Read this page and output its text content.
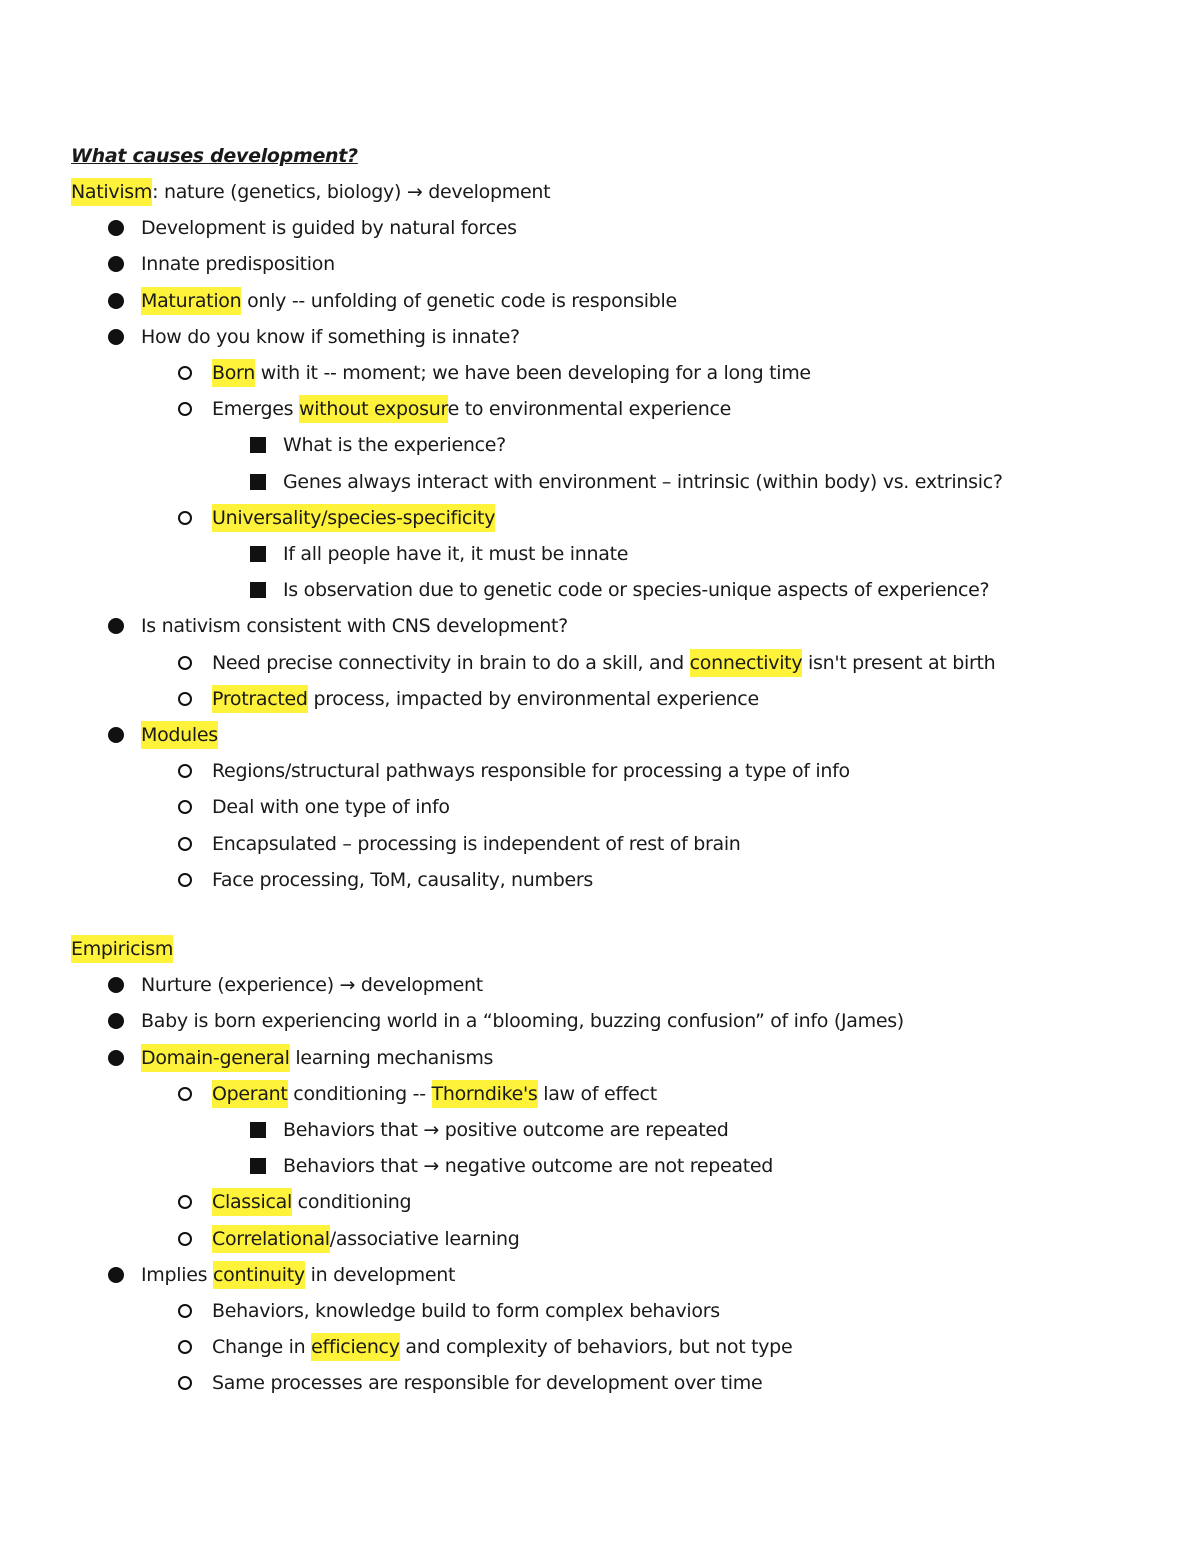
What causes development?
Nativism: nature (genetics, biology) → development
Development is guided by natural forces
Innate predisposition
Maturation only -- unfolding of genetic code is responsible
How do you know if something is innate?
Born with it -- moment; we have been developing for a long time
Emerges without exposure to environmental experience
What is the experience?
Genes always interact with environment – intrinsic (within body) vs. extrinsic?
Universality/species-specificity
If all people have it, it must be innate
Is observation due to genetic code or species-unique aspects of experience?
Is nativism consistent with CNS development?
Need precise connectivity in brain to do a skill, and connectivity isn't present at birth
Protracted process, impacted by environmental experience
Modules
Regions/structural pathways responsible for processing a type of info
Deal with one type of info
Encapsulated – processing is independent of rest of brain
Face processing, ToM, causality, numbers
Empiricism
Nurture (experience) → development
Baby is born experiencing world in a “blooming, buzzing confusion” of info (James)
Domain-general learning mechanisms
Operant conditioning -- Thorndike's law of effect
Behaviors that → positive outcome are repeated
Behaviors that → negative outcome are not repeated
Classical conditioning
Correlational/associative learning
Implies continuity in development
Behaviors, knowledge build to form complex behaviors
Change in efficiency and complexity of behaviors, but not type
Same processes are responsible for development over time
